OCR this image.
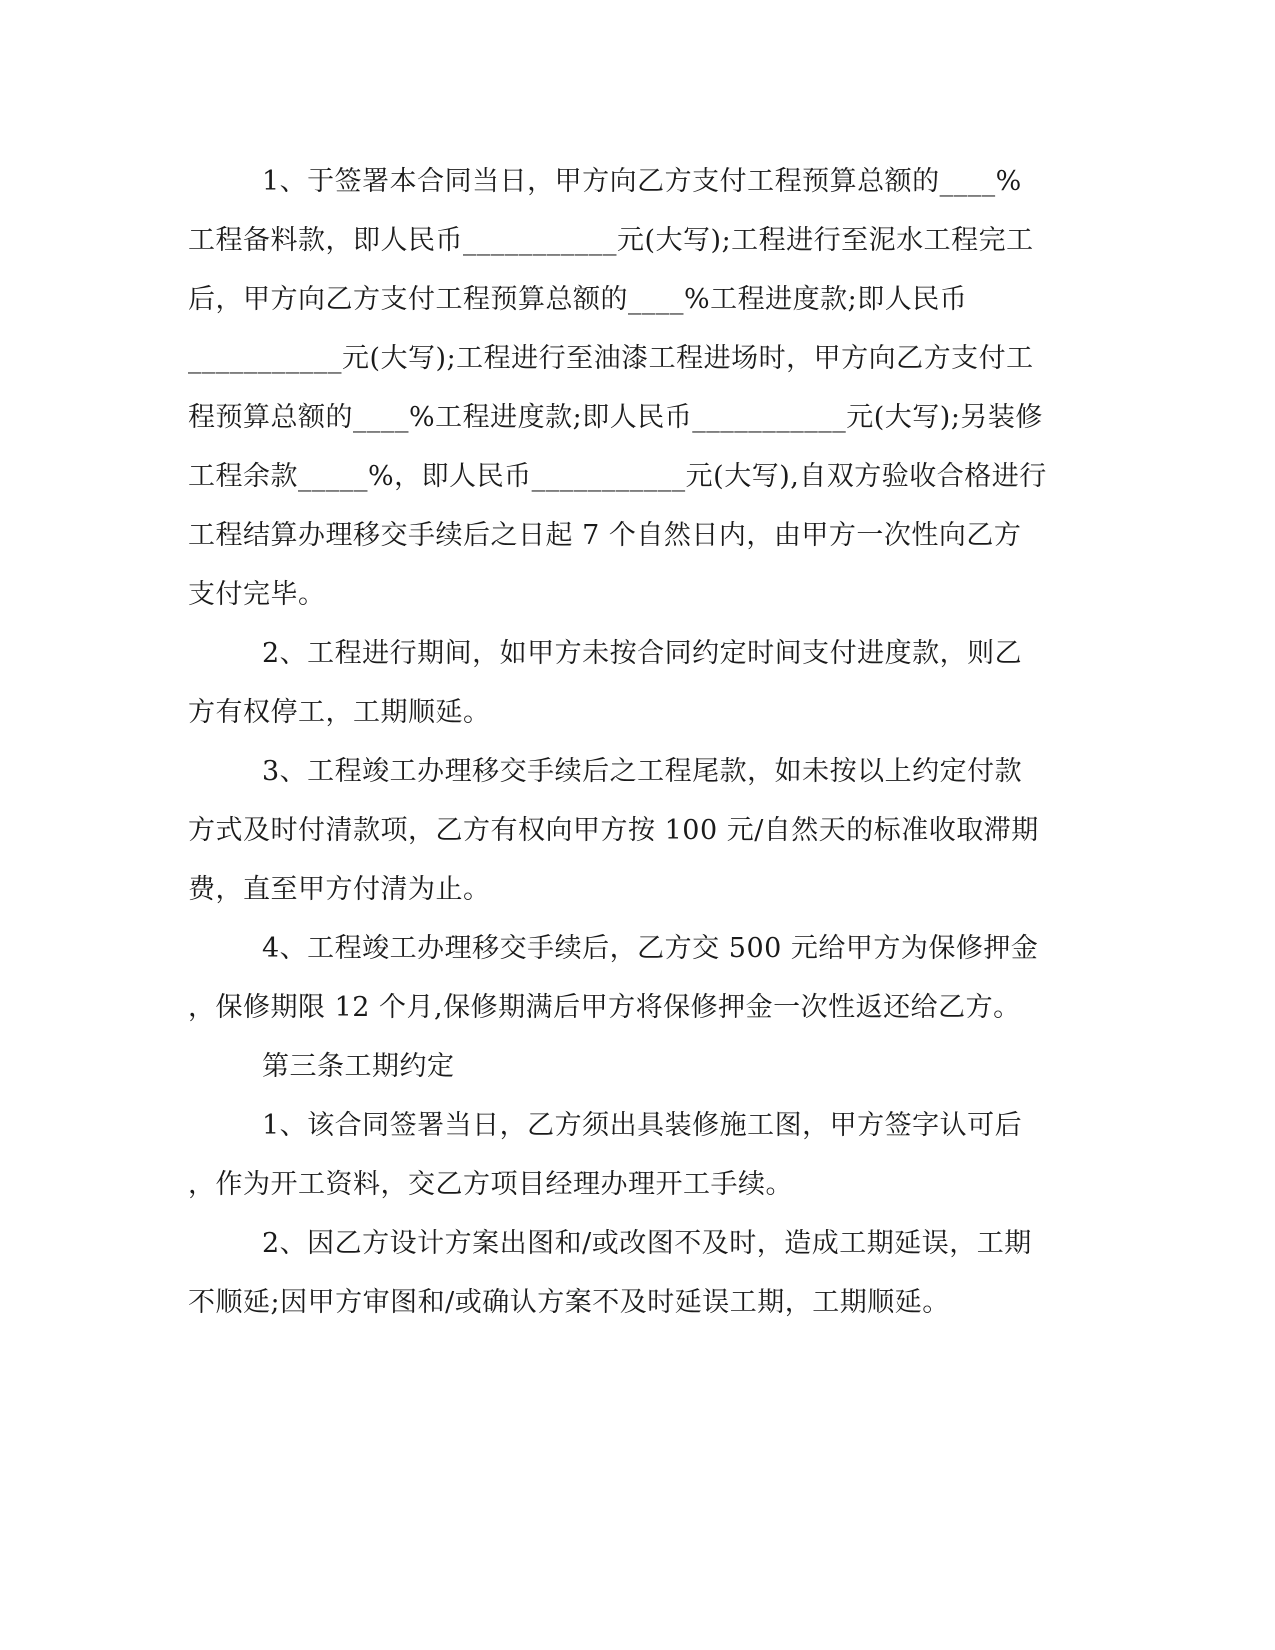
1、于签署本合同当日，甲方向乙方支付工程预算总额的____%
工程备料款，即人民币___________元(大写);工程进行至泥水工程完工
后，甲方向乙方支付工程预算总额的____%工程进度款;即人民币
___________元(大写);工程进行至油漆工程进场时，甲方向乙方支付工
程预算总额的____%工程进度款;即人民币___________元(大写);另装修
工程余款_____%，即人民币___________元(大写),自双方验收合格进行
工程结算办理移交手续后之日起 7 个自然日内，由甲方一次性向乙方
支付完毕。
2、工程进行期间，如甲方未按合同约定时间支付进度款，则乙
方有权停工，工期顺延。
3、工程竣工办理移交手续后之工程尾款，如未按以上约定付款
方式及时付清款项，乙方有权向甲方按 100 元/自然天的标准收取滞期
费，直至甲方付清为止。
4、工程竣工办理移交手续后，乙方交 500 元给甲方为保修押金
，保修期限 12 个月,保修期满后甲方将保修押金一次性返还给乙方。
第三条工期约定
1、该合同签署当日，乙方须出具装修施工图，甲方签字认可后
，作为开工资料，交乙方项目经理办理开工手续。
2、因乙方设计方案出图和/或改图不及时，造成工期延误，工期
不顺延;因甲方审图和/或确认方案不及时延误工期，工期顺延。
